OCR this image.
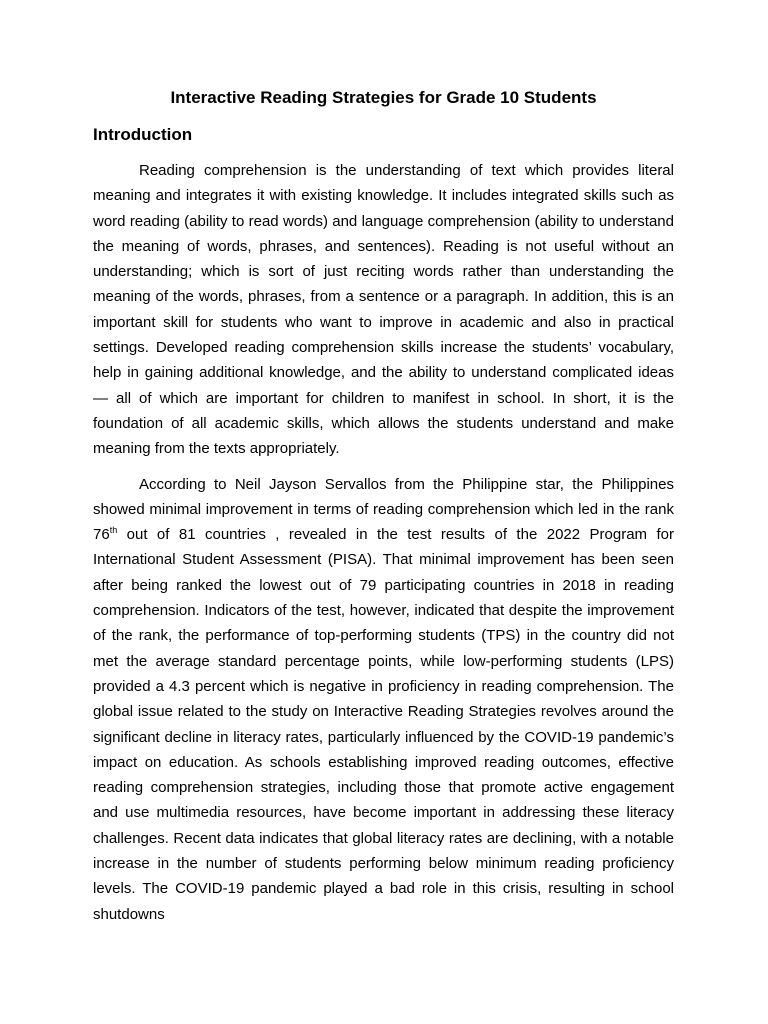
Interactive Reading Strategies for Grade 10 Students
Introduction

Reading comprehension is the understanding of text which provides literal meaning and integrates it with existing knowledge. It includes integrated skills such as word reading (ability to read words) and language comprehension (ability to understand the meaning of words, phrases, and sentences). Reading is not useful without an understanding; which is sort of just reciting words rather than understanding the meaning of the words, phrases, from a sentence or a paragraph. In addition, this is an important skill for students who want to improve in academic and also in practical settings. Developed reading comprehension skills increase the students’ vocabulary, help in gaining additional knowledge, and the ability to understand complicated ideas — all of which are important for children to manifest in school. In short, it is the foundation of all academic skills, which allows the students understand and make meaning from the texts appropriately.

According to Neil Jayson Servallos from the Philippine star, the Philippines showed minimal improvement in terms of reading comprehension which led in the rank 76th out of 81 countries , revealed in the test results of the 2022 Program for International Student Assessment (PISA). That minimal improvement has been seen after being ranked the lowest out of 79 participating countries in 2018 in reading comprehension. Indicators of the test, however, indicated that despite the improvement of the rank, the performance of top-performing students (TPS) in the country did not met the average standard percentage points, while low-performing students (LPS) provided a 4.3 percent which is negative in proficiency in reading comprehension. The global issue related to the study on Interactive Reading Strategies revolves around the significant decline in literacy rates, particularly influenced by the COVID-19 pandemic’s impact on education. As schools establishing improved reading outcomes, effective reading comprehension strategies, including those that promote active engagement and use multimedia resources, have become important in addressing these literacy challenges. Recent data indicates that global literacy rates are declining, with a notable increase in the number of students performing below minimum reading proficiency levels. The COVID-19 pandemic played a bad role in this crisis, resulting in school shutdowns
